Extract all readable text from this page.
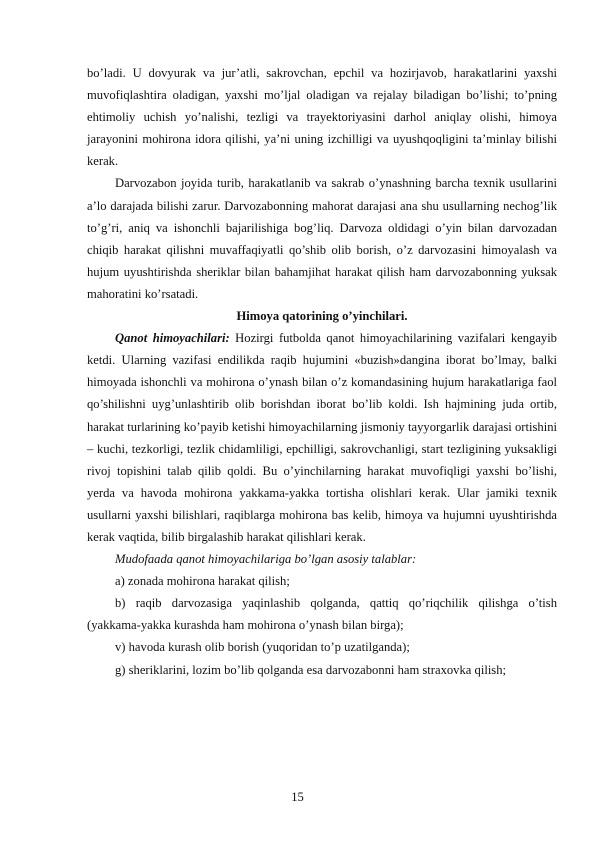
bo’ladi. U dovyurak va jur’atli, sakrovchan, epchil va hozirjavob, harakatlarini yaxshi muvofiqlashtira oladigan, yaxshi mo’ljal oladigan va rejalay biladigan bo’lishi; to’pning ehtimoliy uchish yo’nalishi, tezligi va trayektoriyasini darhol aniqlay olishi, himoya jarayonini mohirona idora qilishi, ya’ni uning izchilligi va uyushqoqligini ta’minlay bilishi kerak.

Darvozabon joyida turib, harakatlanib va sakrab o’ynashning barcha texnik usullarini a’lo darajada bilishi zarur. Darvozabonning mahorat darajasi ana shu usullarning nechog’lik to’g’ri, aniq va ishonchli bajarilishiga bog’liq. Darvoza oldidagi o’yin bilan darvozadan chiqib harakat qilishni muvaffaqiyatli qo’shib olib borish, o’z darvozasini himoyalash va hujum uyushtirishda sheriklar bilan bahamjihat harakat qilish ham darvozabonning yuksak mahoratini ko’rsatadi.

Himoya qatorining o’yinchilari.

Qanot himoyachilari: Hozirgi futbolda qanot himoyachilarining vazifalari kengayib ketdi. Ularning vazifasi endilikda raqib hujumini «buzish»dangina iborat bo’lmay, balki himoyada ishonchli va mohirona o’ynash bilan o’z komandasining hujum harakatlariga faol qo’shilishni uyg’unlashtirib olib borishdan iborat bo’lib koldi. Ish hajmining juda ortib, harakat turlarining ko’payib ketishi himoyachilarning jismoniy tayyorgarlik darajasi ortishini – kuchi, tezkorligi, tezlik chidamliligi, epchilligi, sakrovchanligi, start tezligining yuksakligi rivoj topishini talab qilib qoldi. Bu o’yinchilarning harakat muvofiqligi yaxshi bo’lishi, yerda va havoda mohirona yakkama-yakka tortisha olishlari kerak. Ular jamiki texnik usullarni yaxshi bilishlari, raqiblarga mohirona bas kelib, himoya va hujumni uyushtirishda kerak vaqtida, bilib birgalashib harakat qilishlari kerak.

Mudofaada qanot himoyachilariga bo’lgan asosiy talablar:

a) zonada mohirona harakat qilish;

b) raqib darvozasiga yaqinlashib qolganda, qattiq qo’riqchilik qilishga o’tish (yakkama-yakka kurashda ham mohirona o’ynash bilan birga);

v) havoda kurash olib borish (yuqoridan to’p uzatilganda);

g) sheriklarini, lozim bo’lib qolganda esa darvozabonni ham straxovka qilish;

15
